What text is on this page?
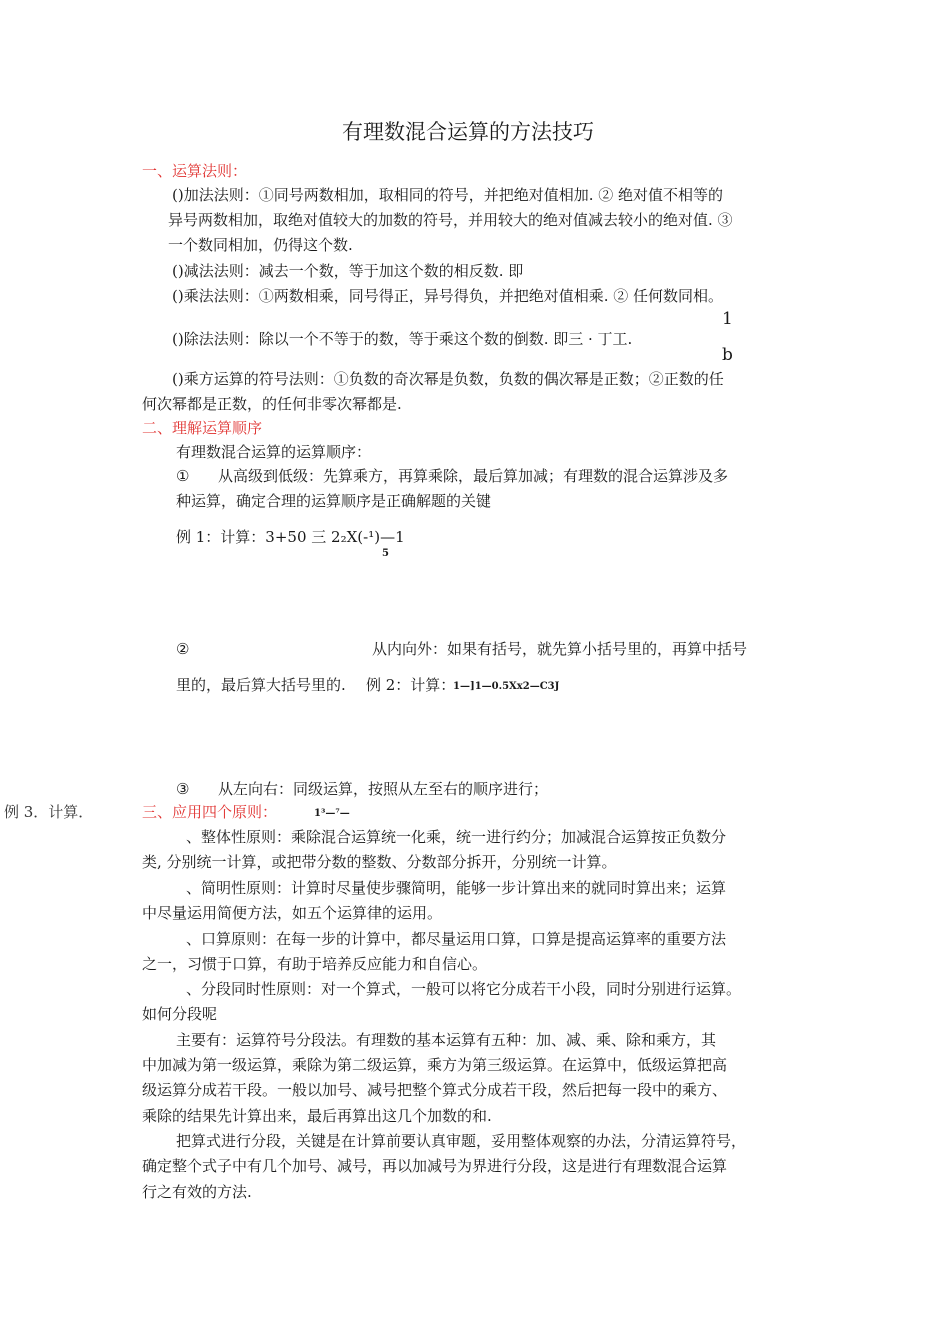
有理数混合运算的方法技巧
一、运算法则：
()加法法则：①同号两数相加，取相同的符号，并把绝对值相加. ② 绝对值不相等的
异号两数相加，取绝对值较大的加数的符号，并用较大的绝对值减去较小的绝对值. ③
一个数同相加，仍得这个数.
()减法法则：减去一个数，等于加这个数的相反数. 即
()乘法法则：①两数相乘，同号得正，异号得负，并把绝对值相乘. ② 任何数同相。
1
()除法法则：除以一个不等于的数，等于乘这个数的倒数. 即三 · 丁工.
b
()乘方运算的符号法则：①负数的奇次幂是负数，负数的偶次幂是正数；②正数的任
何次幂都是正数，的任何非零次幂都是.
二、理解运算顺序
有理数混合运算的运算顺序：
① 从高级到低级：先算乘方，再算乘除，最后算加减；有理数的混合运算涉及多
种运算，确定合理的运算顺序是正确解题的关键
例 1：计算：3+50 三 2₂X(-¹)—1
5
②	从内向外：如果有括号，就先算小括号里的，再算中括号
里的，最后算大括号里的. 例 2：计算：
1—]1—0.5Xx2—C3J
③ 从左向右：同级运算，按照从左至右的顺序进行；
例 3．计算．	三、应用四个原则：	1³—⁷—
、整体性原则：乘除混合运算统一化乘，统一进行约分；加减混合运算按正负数分
类, 分别统一计算，或把带分数的整数、分数部分拆开，分别统一计算。
、简明性原则：计算时尽量使步骤简明，能够一步计算出来的就同时算出来；运算
中尽量运用简便方法，如五个运算律的运用。
、口算原则：在每一步的计算中，都尽量运用口算，口算是提高运算率的重要方法
之一，习惯于口算，有助于培养反应能力和自信心。
、分段同时性原则：对一个算式，一般可以将它分成若干小段，同时分别进行运算。
如何分段呢
主要有：运算符号分段法。有理数的基本运算有五种：加、减、乘、除和乘方，其
中加减为第一级运算，乘除为第二级运算，乘方为第三级运算。在运算中，低级运算把高
级运算分成若干段。一般以加号、减号把整个算式分成若干段，然后把每一段中的乘方、
乘除的结果先计算出来，最后再算出这几个加数的和.
把算式进行分段，关键是在计算前要认真审题，妥用整体观察的办法，分清运算符号，
确定整个式子中有几个加号、减号，再以加减号为界进行分段，这是进行有理数混合运算
行之有效的方法.
